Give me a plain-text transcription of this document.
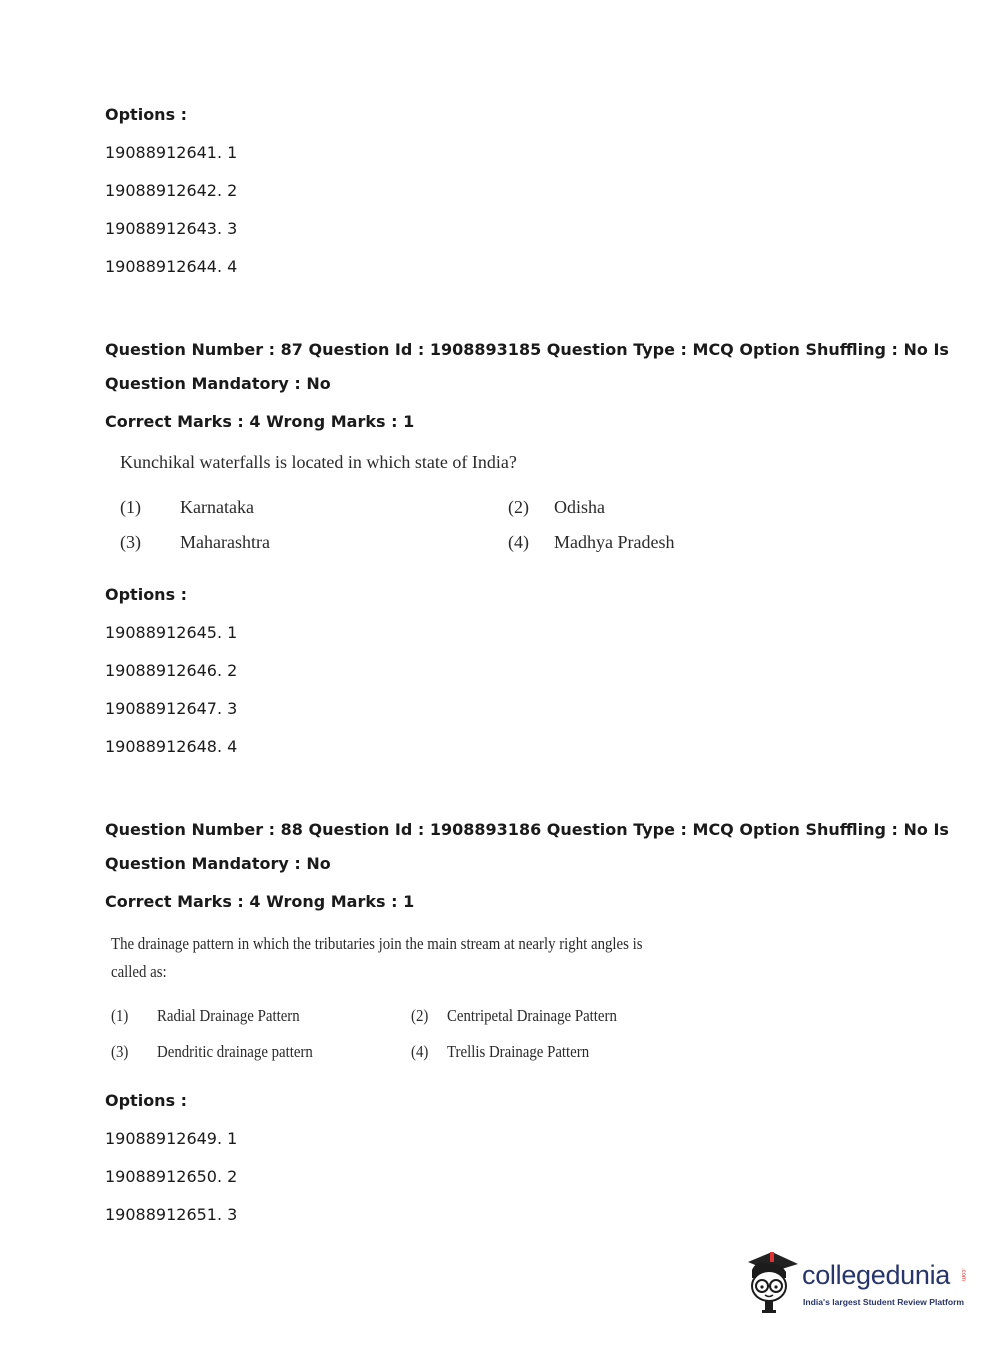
Options :
19088912641. 1
19088912642. 2
19088912643. 3
19088912644. 4
Question Number : 87 Question Id : 1908893185 Question Type : MCQ Option Shuffling : No Is
Question Mandatory : No
Correct Marks : 4 Wrong Marks : 1
Kunchikal waterfalls is located in which state of India?
(1) Karnataka	(2) Odisha
(3) Maharashtra	(4) Madhya Pradesh
Options :
19088912645. 1
19088912646. 2
19088912647. 3
19088912648. 4
Question Number : 88 Question Id : 1908893186 Question Type : MCQ Option Shuffling : No Is
Question Mandatory : No
Correct Marks : 4 Wrong Marks : 1
The drainage pattern in which the tributaries join the main stream at nearly right angles is
called as:
(1) Radial Drainage Pattern	(2) Centripetal Drainage Pattern
(3) Dendritic drainage pattern	(4) Trellis Drainage Pattern
Options :
19088912649. 1
19088912650. 2
19088912651. 3
collegedunia .com
India's largest Student Review Platform
